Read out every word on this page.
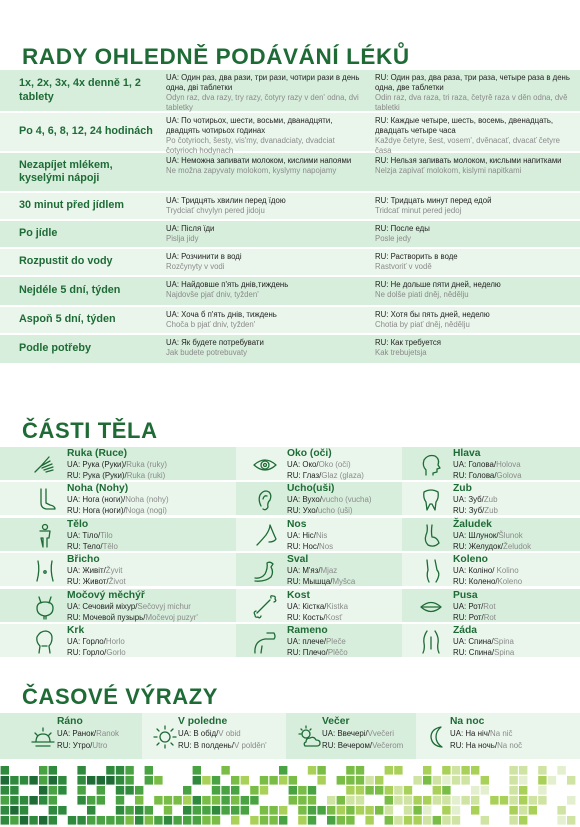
RADY OHLEDNĚ PODÁVÁNÍ LÉKŮ
1x, 2x, 3x, 4x denně 1, 2 tablety
UA: Один раз, два рази, три рази, чотири рази в день одна, дві таблетки
Odyn raz, dva razy, try razy, čotyry razy v den' odna, dvi tabletky
RU: Один раз, два раза, три раза, четыре раза в день одна, две таблетки
Odin raz, dva raza, tri raza, četyrě raza v děn odna, dvě tabletki
Po 4, 6, 8, 12, 24 hodinách
UA: По чотирьох, шести, восьми, дванадцяти, двадцять чотирьох годинах
Po čotyrioch, šesty, vis'my, dvanadciaty, dvadciat čotyrioch hodynach
RU: Каждые четыре, шесть, восемь, двенадцать, двадцать четыре часа
Každye četyre, šest, vosem', dvěnacať, dvacať četyre časa
Nezapíjet mlékem, kyselými nápoji
UA: Неможна запивати молоком, кислими напоями
Ne možna zapyvaty molokom, kyslymy napojamy
RU: Нельзя запивать молоком, кислыми напитками
Nelzja zapivať molokom, kislymi napitkami
30 minut před jídlem	UA: Тридцять хвилин перед їдою
Trydciať chvylyn pered jidoju
RU: Тридцать минут перед едой
Tridcať minut pered jedoj
Po jídle	UA: Після їди
Pislja jidy
RU: После еды
Posle jedy
Rozpustit do vody	UA: Розчинити в воді
Rozčynyty v vodi
RU: Растворить в воде
Rastvoriť v vodě
Nejdéle 5 dní, týden	UA: Найдовше п'ять днів,тиждень
Najdovše pjať dniv, tyžden'
RU: Не дольше пяти дней, неделю
Ne dolše piati dněj, nědělju
Aspoň 5 dní, týden	UA: Хоча б п'ять днів, тиждень
Choča b pjať dniv, tyžden'
RU: Хотя бы пять дней, неделю
Chotia by piať dněj, nědělju
Podle potřeby	UA: Як будете потребувати
Jak budete potrebuvaty
RU: Как требуется
Kak trebujetsja
ČÁSTI TĚLA
Ruka (Ruce)
UA: Рука (Руки)/Ruka (ruky)
RU: Рука (Руки)/Ruka (ruki)
Oko (oči)
UA: Око/Oko (oči)
RU: Глаз/Glaz (glaza)
Hlava
UA: Голова/Holova
RU: Голова/Golova
Noha (Nohy)
UA: Нога (ноги)/Noha (nohy)
RU: Нога (ноги)/Noga (nogi)
Ucho(uši)
UA: Вухо/vucho (vucha)
RU: Ухо/ucho (uši)
Zub
UA: Зуб/Zub
RU: Зуб/Zub
Tělo
UA: Тіло/Tilo
RU: Тело/Tělo
Nos
UA: Ніс/Nis
RU: Нос/Nos
Žaludek
UA: Шлунок/Šlunok
RU: Желудок/Želudok
Břicho
UA: Живіт/Žyvit
RU: Живот/Život
Sval
UA: М'яз/Mjaz
RU: Мышца/Myšca
Koleno
UA: Коліно/ Kolino
RU: Колено/Koleno
Močový měchýř
UA: Сечовий міхур/Sečovyj michur
RU: Мочевой пузырь/Močevoj puzyr'
Kost
UA: Кістка/Kistka
RU: Кость/Kosť
Pusa
UA: Рот/Rot
RU: Рот/Rot
Krk
UA: Горло/Horlo
RU: Горло/Gorlo
Rameno
UA: плече/Pleče
RU: Плечо/Plěčo
Záda
UA: Спина/Spina
RU: Спина/Spina
ČASOVÉ VÝRAZY
Ráno
UA: Ранок/Ranok
RU: Утро/Utro
V poledne
UA: В обід/V obid
RU: В полдень/V polděn'
Večer
UA: Ввечері/Vvečeri
RU: Вечером/Večerom
Na noc
UA: На ніч/Na nič
RU: На ночь/Na noč
